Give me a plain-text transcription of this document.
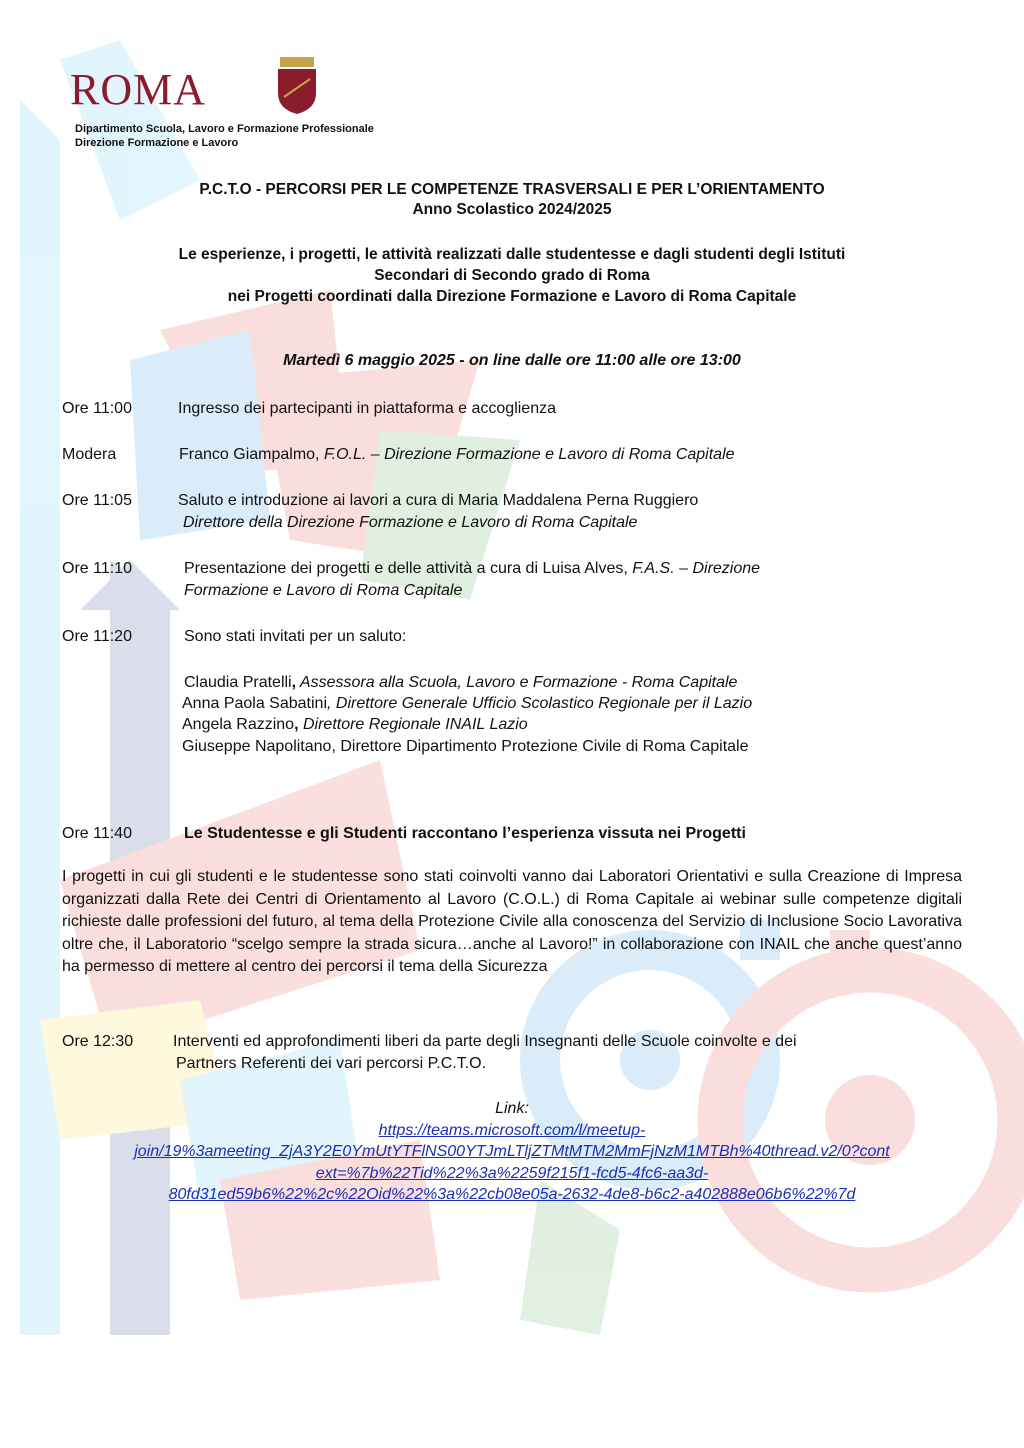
ROMA
Dipartimento Scuola, Lavoro e Formazione Professionale
Direzione Formazione e Lavoro
P.C.T.O - PERCORSI PER LE COMPETENZE TRASVERSALI E PER L’ORIENTAMENTO
Anno Scolastico 2024/2025
Le esperienze, i progetti, le attività realizzati dalle studentesse e dagli studenti degli Istituti
Secondari di Secondo grado di Roma
nei Progetti coordinati dalla Direzione Formazione e Lavoro di Roma Capitale
Martedì 6 maggio 2025 - on line dalle ore 11:00 alle ore 13:00
Ore 11:00	Ingresso dei partecipanti in piattaforma e accoglienza
Modera	Franco Giampalmo, F.O.L. – Direzione Formazione e Lavoro di Roma Capitale
Ore 11:05	Saluto e introduzione ai lavori a cura di Maria Maddalena Perna Ruggiero
Direttore della Direzione Formazione e Lavoro di Roma Capitale
Ore 11:10	Presentazione dei progetti e delle attività a cura di Luisa Alves, F.A.S. – Direzione
Formazione e Lavoro di Roma Capitale
Ore 11:20	Sono stati invitati per un saluto:
Claudia Pratelli, Assessora alla Scuola, Lavoro e Formazione - Roma Capitale
Anna Paola Sabatini, Direttore Generale Ufficio Scolastico Regionale per il Lazio
Angela Razzino, Direttore Regionale INAIL Lazio
Giuseppe Napolitano, Direttore Dipartimento Protezione Civile di Roma Capitale
Ore 11:40	Le Studentesse e gli Studenti raccontano l’esperienza vissuta nei Progetti
I progetti in cui gli studenti e le studentesse sono stati coinvolti vanno dai Laboratori Orientativi e sulla Creazione di Impresa organizzati dalla Rete dei Centri di Orientamento al Lavoro (C.O.L.) di Roma Capitale ai webinar sulle competenze digitali richieste dalle professioni del futuro, al tema della Protezione Civile alla conoscenza del Servizio di Inclusione Socio Lavorativa oltre che, il Laboratorio “scelgo sempre la strada sicura…anche al Lavoro!” in collaborazione con INAIL che anche quest’anno ha permesso di mettere al centro dei percorsi il tema della Sicurezza
Ore 12:30 Interventi ed approfondimenti liberi da parte degli Insegnanti delle Scuole coinvolte e dei
Partners Referenti dei vari percorsi P.C.T.O.
Link:
https://teams.microsoft.com/l/meetup-
join/19%3ameeting_ZjA3Y2E0YmUtYTFlNS00YTJmLTljZTMtMTM2MmFjNzM1MTBh%40thread.v2/0?cont
ext=%7b%22Tid%22%3a%2259f215f1-fcd5-4fc6-aa3d-
80fd31ed59b6%22%2c%22Oid%22%3a%22cb08e05a-2632-4de8-b6c2-a402888e06b6%22%7d
